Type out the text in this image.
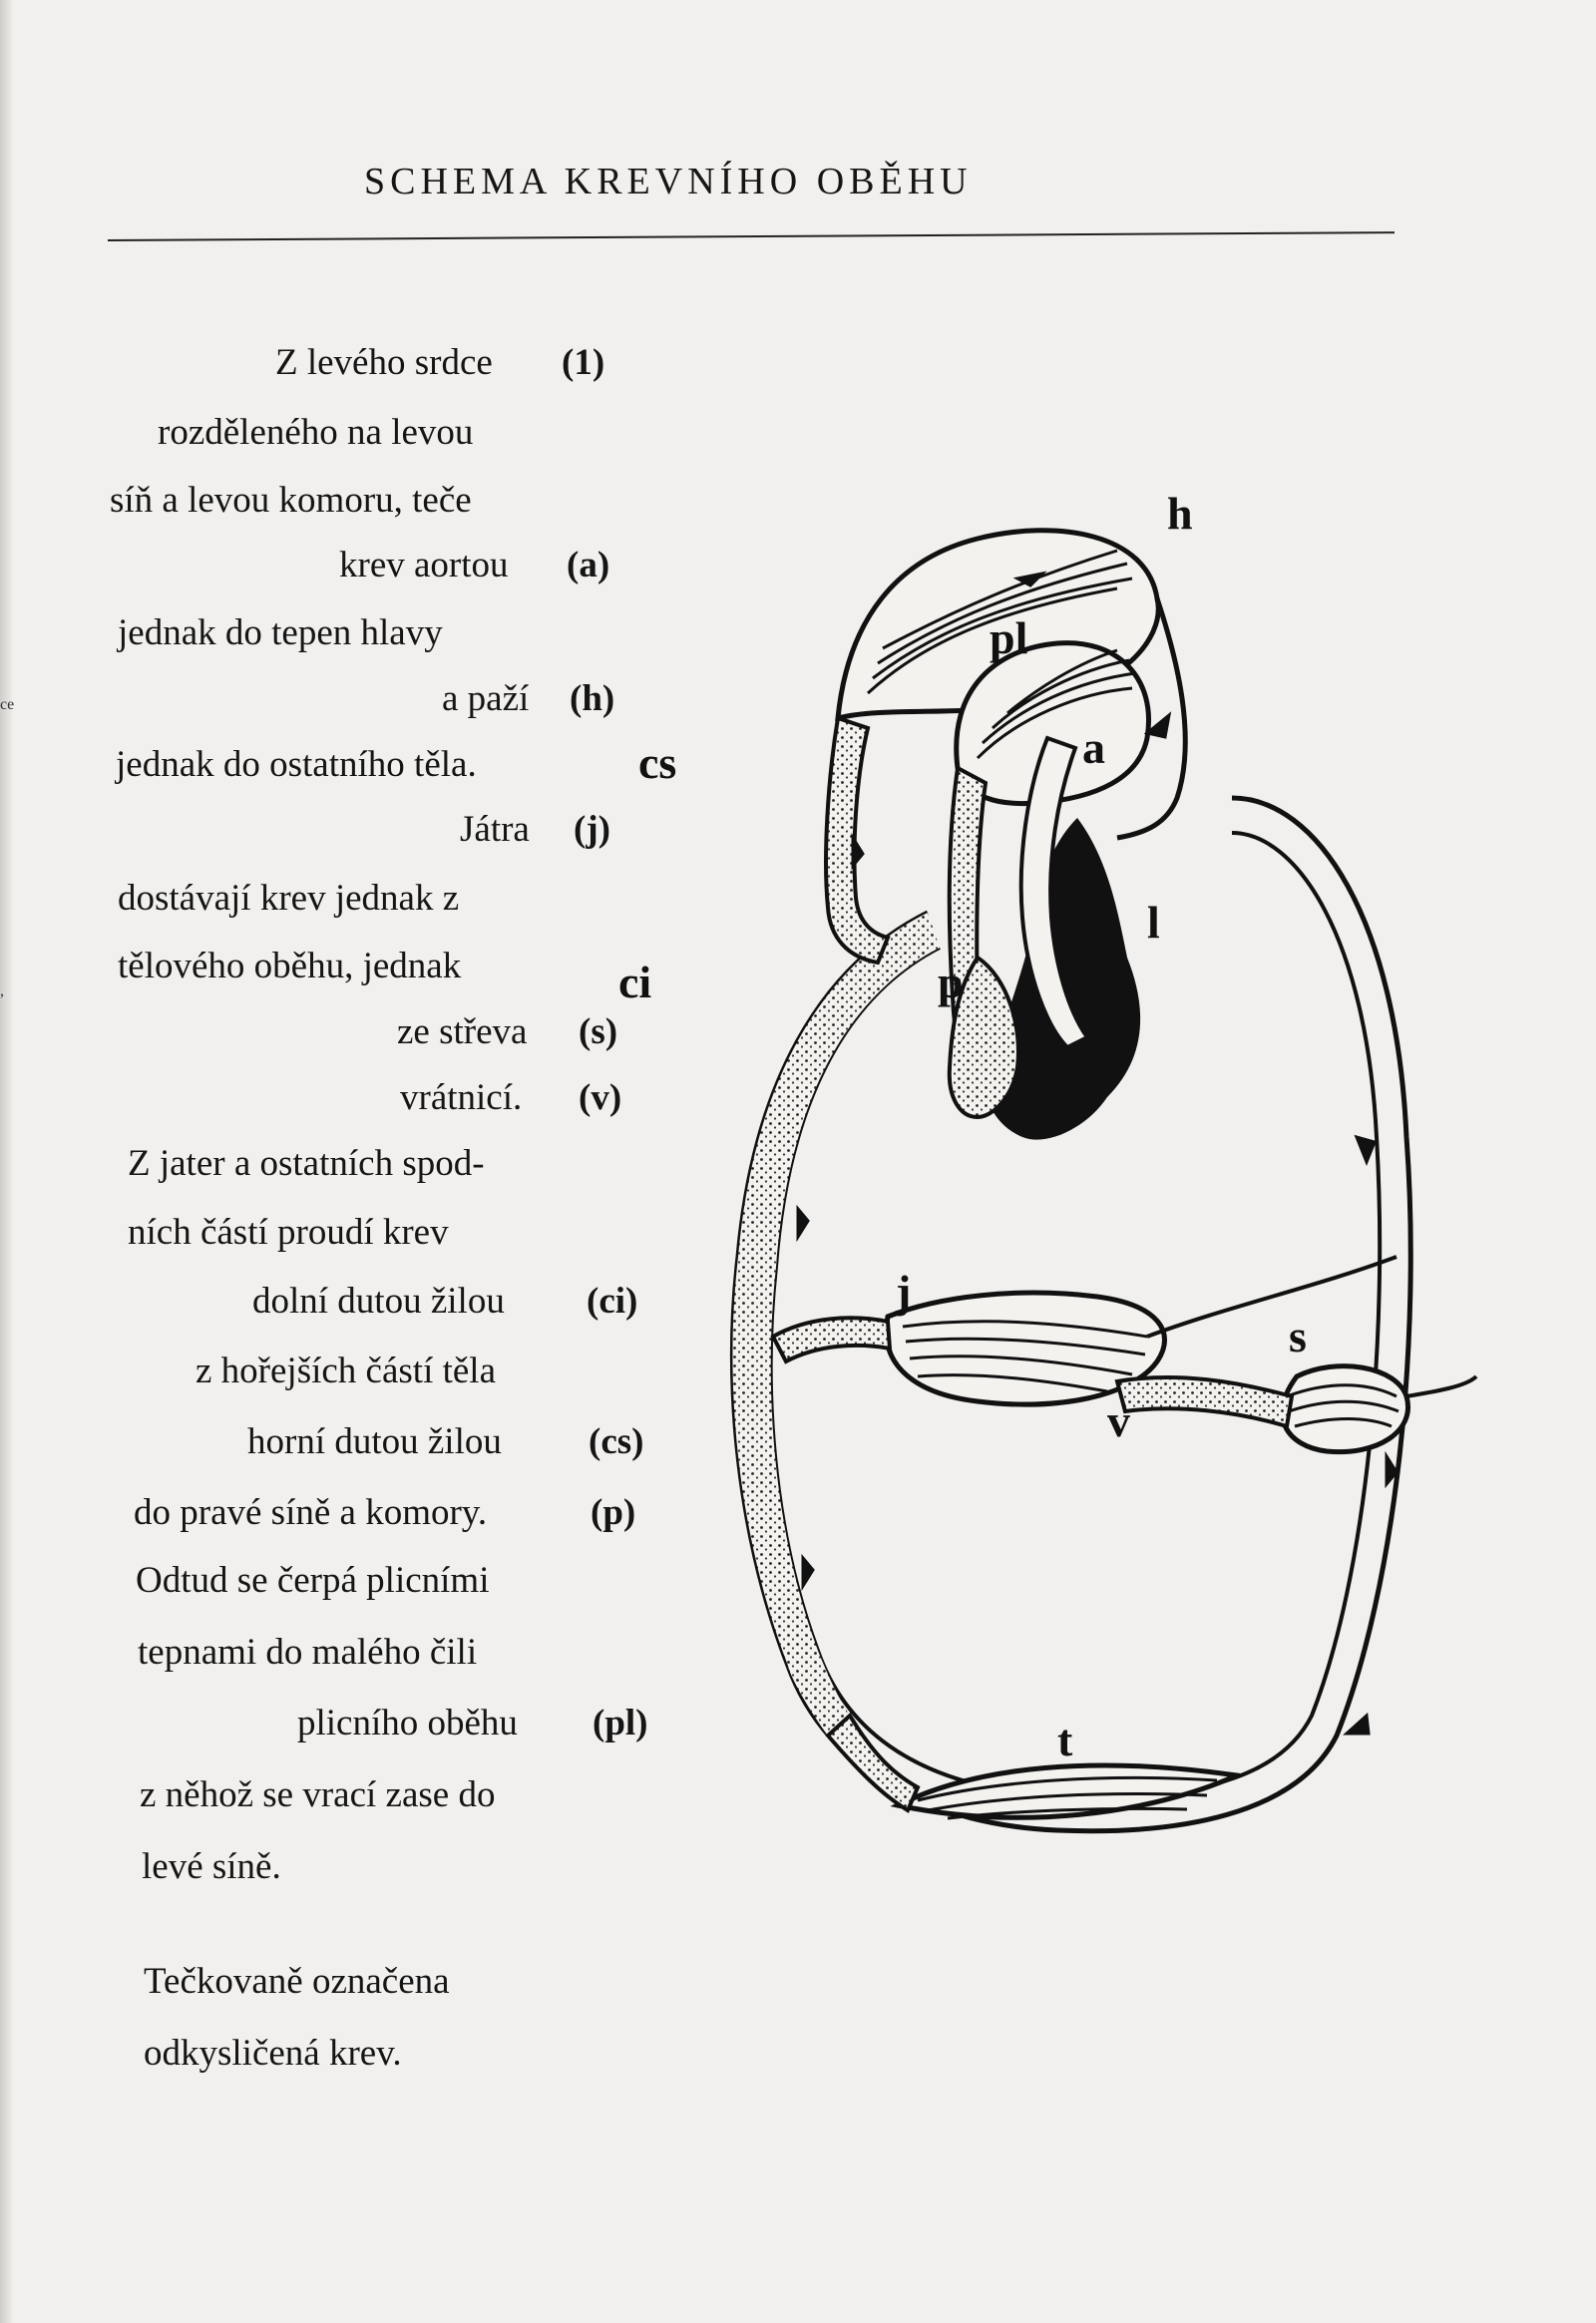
ce
,
SCHEMA KREVNÍHO OBĚHU
Z levého srdce (1)
rozděleného na levou
síň a levou komoru, teče
krev aortou (a)
jednak do tepen hlavy
a paží (h)
jednak do ostatního těla.
Játra (j)
dostávají krev jednak z
tělového oběhu, jednak
ze střeva (s)
vrátnicí. (v)
Z jater a ostatních spod-
ních částí proudí krev
dolní dutou žilou (ci)
z hořejších částí těla
horní dutou žilou (cs)
do pravé síně a komory.	(p)
Odtud se čerpá plicními
tepnami do malého čili
plicního oběhu (pl)
z něhož se vrací zase do
levé síně.
Tečkovaně označena
odkysličená krev.
h
pl
a
cs
l
ci	p
j
s
v
t
